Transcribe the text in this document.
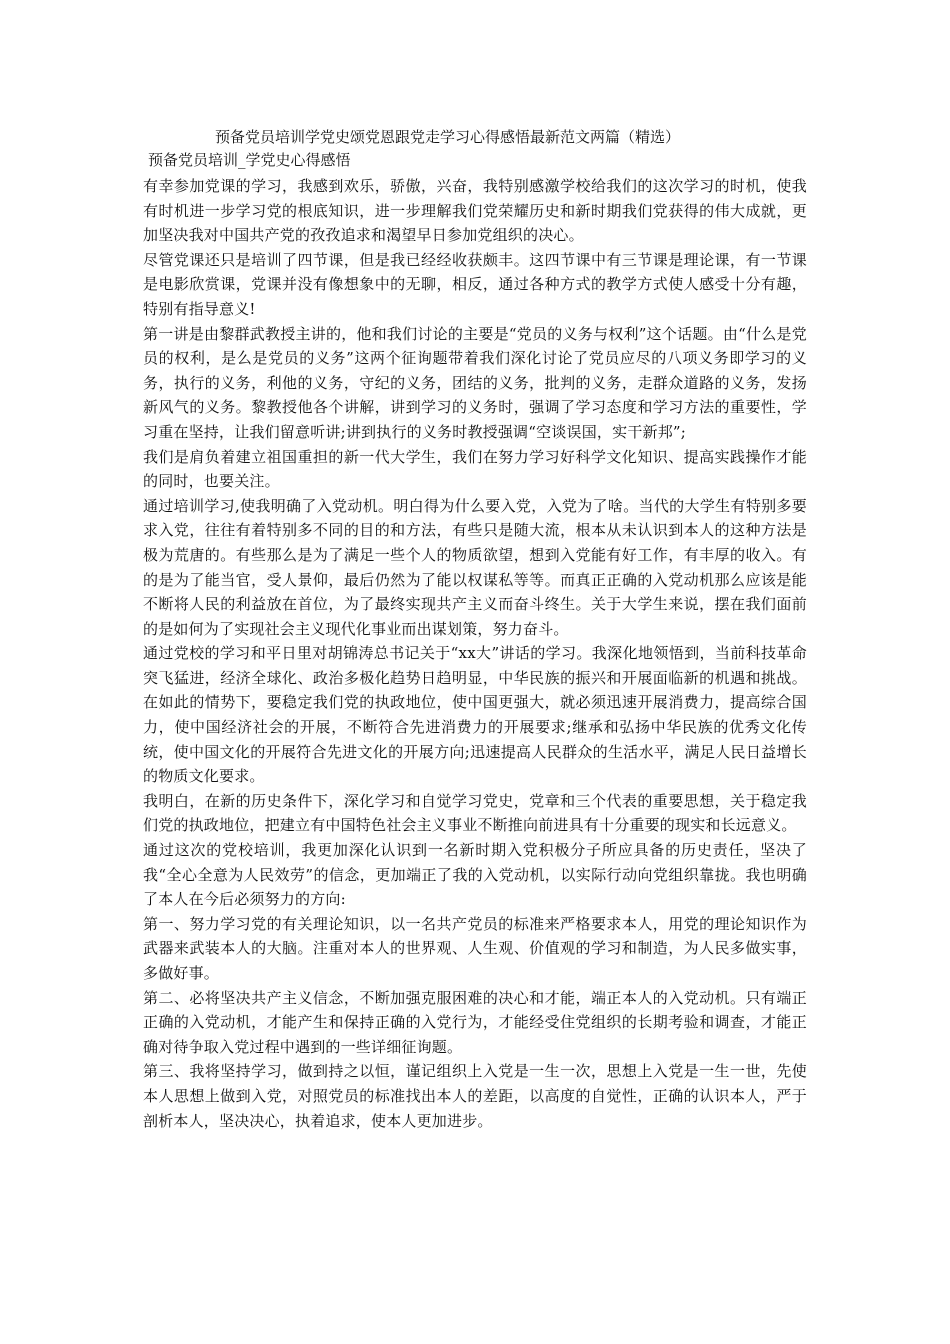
预备党员培训学党史颂党恩跟党走学习心得感悟最新范文两篇（精选）
预备党员培训_学党史心得感悟

有幸参加党课的学习，我感到欢乐，骄傲，兴奋，我特别感激学校给我们的这次学习的时机，使我有时机进一步学习党的根底知识，进一步理解我们党荣耀历史和新时期我们党获得的伟大成就，更加坚决我对中国共产党的孜孜追求和渴望早日参加党组织的决心。

尽管党课还只是培训了四节课，但是我已经经收获颇丰。这四节课中有三节课是理论课，有一节课是电影欣赏课，党课并没有像想象中的无聊，相反，通过各种方式的教学方式使人感受十分有趣，特别有指导意义!

第一讲是由黎群武教授主讲的，他和我们讨论的主要是“党员的义务与权利”这个话题。由“什么是党员的权利，是么是党员的义务”这两个征询题带着我们深化讨论了党员应尽的八项义务即学习的义务，执行的义务，利他的义务，守纪的义务，团结的义务，批判的义务，走群众道路的义务，发扬新风气的义务。黎教授他各个讲解，讲到学习的义务时，强调了学习态度和学习方法的重要性，学习重在坚持，让我们留意听讲;讲到执行的义务时教授强调“空谈误国，实干新邦”;

我们是肩负着建立祖国重担的新一代大学生，我们在努力学习好科学文化知识、提高实践操作才能的同时，也要关注。

通过培训学习,使我明确了入党动机。明白得为什么要入党，入党为了啥。当代的大学生有特别多要求入党，往往有着特别多不同的目的和方法，有些只是随大流，根本从未认识到本人的这种方法是极为荒唐的。有些那么是为了满足一些个人的物质欲望，想到入党能有好工作，有丰厚的收入。有的是为了能当官，受人景仰，最后仍然为了能以权谋私等等。而真正正确的入党动机那么应该是能不断将人民的利益放在首位，为了最终实现共产主义而奋斗终生。关于大学生来说，摆在我们面前的是如何为了实现社会主义现代化事业而出谋划策，努力奋斗。

通过党校的学习和平日里对胡锦涛总书记关于“xx大”讲话的学习。我深化地领悟到，当前科技革命突飞猛进，经济全球化、政治多极化趋势日趋明显，中华民族的振兴和开展面临新的机遇和挑战。在如此的情势下，要稳定我们党的执政地位，使中国更强大，就必须迅速开展消费力，提高综合国力，使中国经济社会的开展，不断符合先进消费力的开展要求;继承和弘扬中华民族的优秀文化传统，使中国文化的开展符合先进文化的开展方向;迅速提高人民群众的生活水平，满足人民日益增长的物质文化要求。

我明白，在新的历史条件下，深化学习和自觉学习党史，党章和三个代表的重要思想，关于稳定我们党的执政地位，把建立有中国特色社会主义事业不断推向前进具有十分重要的现实和长远意义。

通过这次的党校培训，我更加深化认识到一名新时期入党积极分子所应具备的历史责任，坚决了我“全心全意为人民效劳”的信念，更加端正了我的入党动机，以实际行动向党组织靠拢。我也明确了本人在今后必须努力的方向:

第一、努力学习党的有关理论知识，以一名共产党员的标准来严格要求本人，用党的理论知识作为武器来武装本人的大脑。注重对本人的世界观、人生观、价值观的学习和制造，为人民多做实事，多做好事。

第二、必将坚决共产主义信念，不断加强克服困难的决心和才能，端正本人的入党动机。只有端正正确的入党动机，才能产生和保持正确的入党行为，才能经受住党组织的长期考验和调查，才能正确对待争取入党过程中遇到的一些详细征询题。

第三、我将坚持学习，做到持之以恒，谨记组织上入党是一生一次，思想上入党是一生一世，先使本人思想上做到入党，对照党员的标准找出本人的差距，以高度的自觉性，正确的认识本人，严于剖析本人，坚决决心，执着追求，使本人更加进步。
